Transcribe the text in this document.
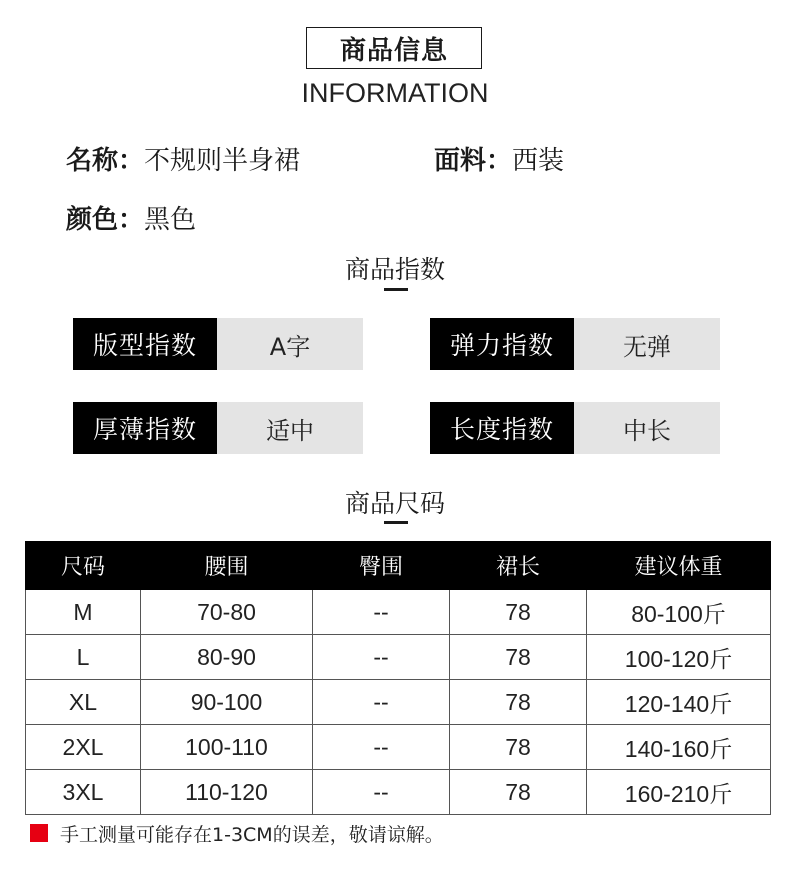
商品信息
INFORMATION
名称：不规则半身裙	面料：西装
颜色：黑色
商品指数
版型指数	A字	弹力指数	无弹
厚薄指数	适中	长度指数	中长
商品尺码
尺码	腰围	臀围	裙长	建议体重
M	70-80	--	78	80-100斤
L	80-90	--	78	100-120斤
XL	90-100	--	78	120-140斤
2XL	100-110	--	78	140-160斤
3XL	110-120	--	78	160-210斤
手工测量可能存在1-3CM的误差，敬请谅解。
